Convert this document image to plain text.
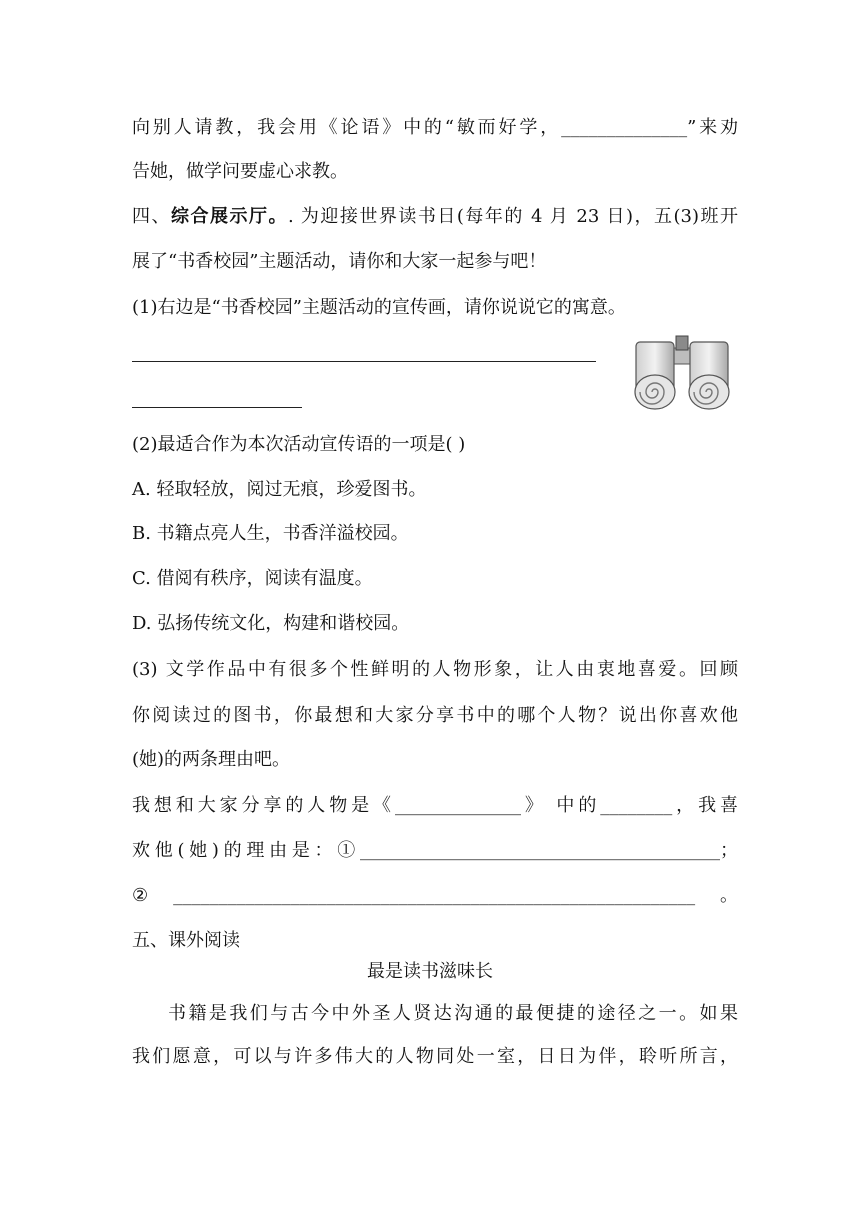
向别人请教，我会用《论语》中的“敏而好学，______________”来劝
告她，做学问要虚心求教。
四、综合展示厅。. 为迎接世界读书日(每年的 4 月 23 日)，五(3)班开
展了“书香校园”主题活动，请你和大家一起参与吧！
(1)右边是“书香校园”主题活动的宣传画，请你说说它的寓意。
(2)最适合作为本次活动宣传语的一项是( )
A. 轻取轻放，阅过无痕，珍爱图书。
B. 书籍点亮人生，书香洋溢校园。
C. 借阅有秩序，阅读有温度。
D. 弘扬传统文化，构建和谐校园。
(3) 文学作品中有很多个性鲜明的人物形象，让人由衷地喜爱。回顾
你阅读过的图书，你最想和大家分享书中的哪个人物？说出你喜欢他
(她)的两条理由吧。
我想和大家分享的人物是《______________》 中的________，我喜
欢他(她)的理由是：①________________________________________；
②__________________________________________________________。
五、课外阅读
最是读书滋味长
书籍是我们与古今中外圣人贤达沟通的最便捷的途径之一。如果
我们愿意，可以与许多伟大的人物同处一室，日日为伴，聆听所言，
